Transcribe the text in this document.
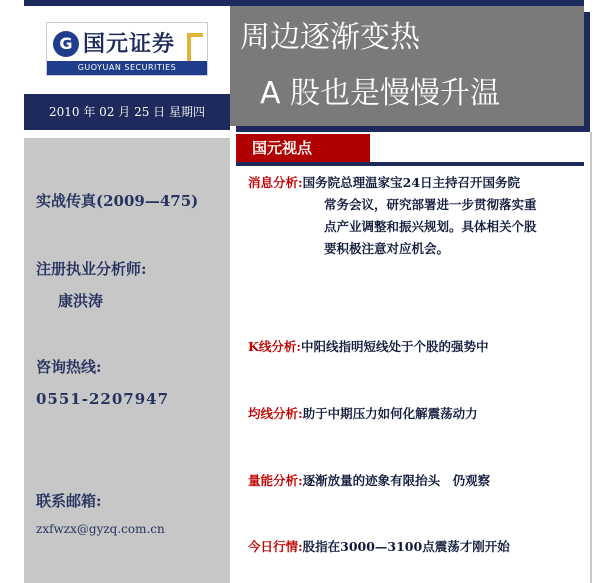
G 国元证券
GUOYUAN SECURITIES
2010 年 02 月 25 日 星期四
实战传真(2009—475)
注册执业分析师:
康洪涛
咨询热线:
0551-2207947
联系邮箱:
zxfwzx@gyzq.com.cn
周边逐渐变热
A 股也是慢慢升温
国元视点
消息分析:国务院总理温家宝24日主持召开国务院
常务会议，研究部署进一步贯彻落实重
点产业调整和振兴规划。具体相关个股
要积极注意对应机会。
K线分析:中阳线指明短线处于个股的强势中
均线分析:助于中期压力如何化解震荡动力
量能分析:逐渐放量的迹象有限抬头　仍观察
今日行情:股指在3000—3100点震荡才刚开始
